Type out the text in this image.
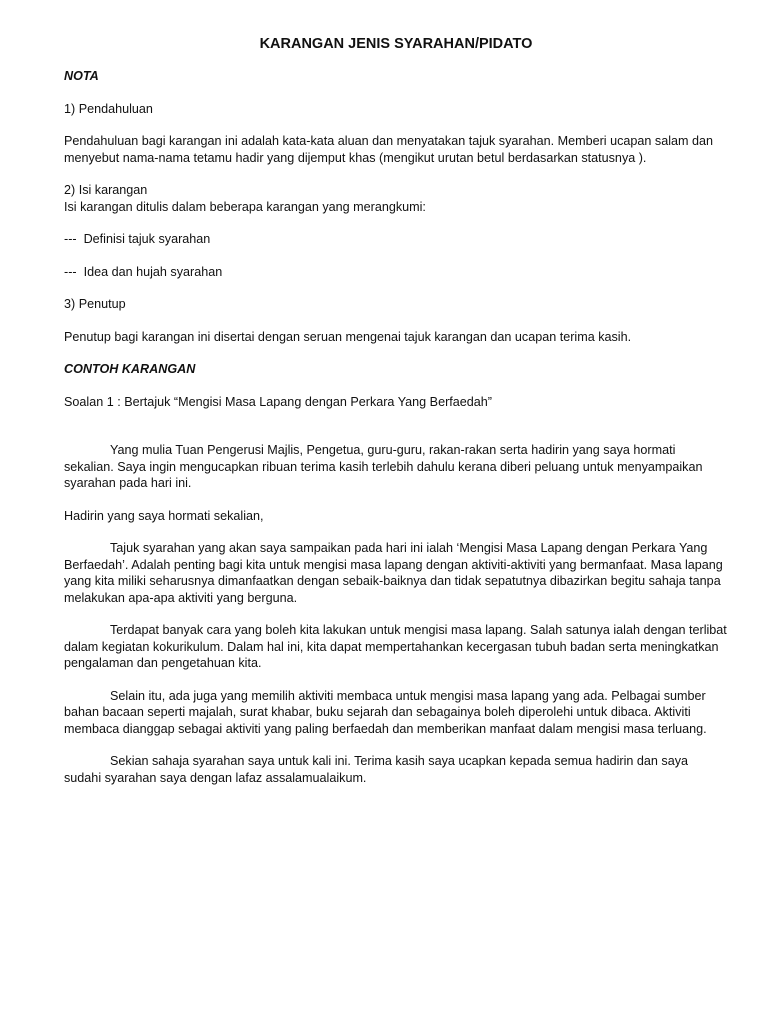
KARANGAN JENIS SYARAHAN/PIDATO

NOTA

1) Pendahuluan

Pendahuluan bagi karangan ini adalah kata-kata aluan dan menyatakan tajuk syarahan. Memberi ucapan salam dan menyebut nama-nama tetamu hadir yang dijemput khas (mengikut urutan betul berdasarkan statusnya ).

2) Isi karangan

Isi karangan ditulis dalam beberapa karangan yang merangkumi:

---  Definisi tajuk syarahan

---  Idea dan hujah syarahan

3) Penutup

Penutup bagi karangan ini disertai dengan seruan mengenai tajuk karangan dan ucapan terima kasih.

CONTOH KARANGAN

Soalan 1 : Bertajuk “Mengisi Masa Lapang dengan Perkara Yang Berfaedah”

Yang mulia Tuan Pengerusi Majlis, Pengetua, guru-guru, rakan-rakan serta hadirin yang saya hormati sekalian. Saya ingin mengucapkan ribuan terima kasih terlebih dahulu kerana diberi peluang untuk menyampaikan syarahan pada hari ini.

Hadirin yang saya hormati sekalian,

Tajuk syarahan yang akan saya sampaikan pada hari ini ialah ‘Mengisi Masa Lapang dengan Perkara Yang Berfaedah’. Adalah penting bagi kita untuk mengisi masa lapang dengan aktiviti-aktiviti yang bermanfaat. Masa lapang yang kita miliki seharusnya dimanfaatkan dengan sebaik-baiknya dan tidak sepatutnya dibazirkan begitu sahaja tanpa melakukan apa-apa aktiviti yang berguna.

Terdapat banyak cara yang boleh kita lakukan untuk mengisi masa lapang. Salah satunya ialah dengan terlibat dalam kegiatan kokurikulum. Dalam hal ini, kita dapat mempertahankan kecergasan tubuh badan serta meningkatkan pengalaman dan pengetahuan kita.

Selain itu, ada juga yang memilih aktiviti membaca untuk mengisi masa lapang yang ada. Pelbagai sumber bahan bacaan seperti majalah, surat khabar, buku sejarah dan sebagainya boleh diperolehi untuk dibaca. Aktiviti membaca dianggap sebagai aktiviti yang paling berfaedah dan memberikan manfaat dalam mengisi masa terluang.

Sekian sahaja syarahan saya untuk kali ini. Terima kasih saya ucapkan kepada semua hadirin dan saya sudahi syarahan saya dengan lafaz assalamualaikum.
